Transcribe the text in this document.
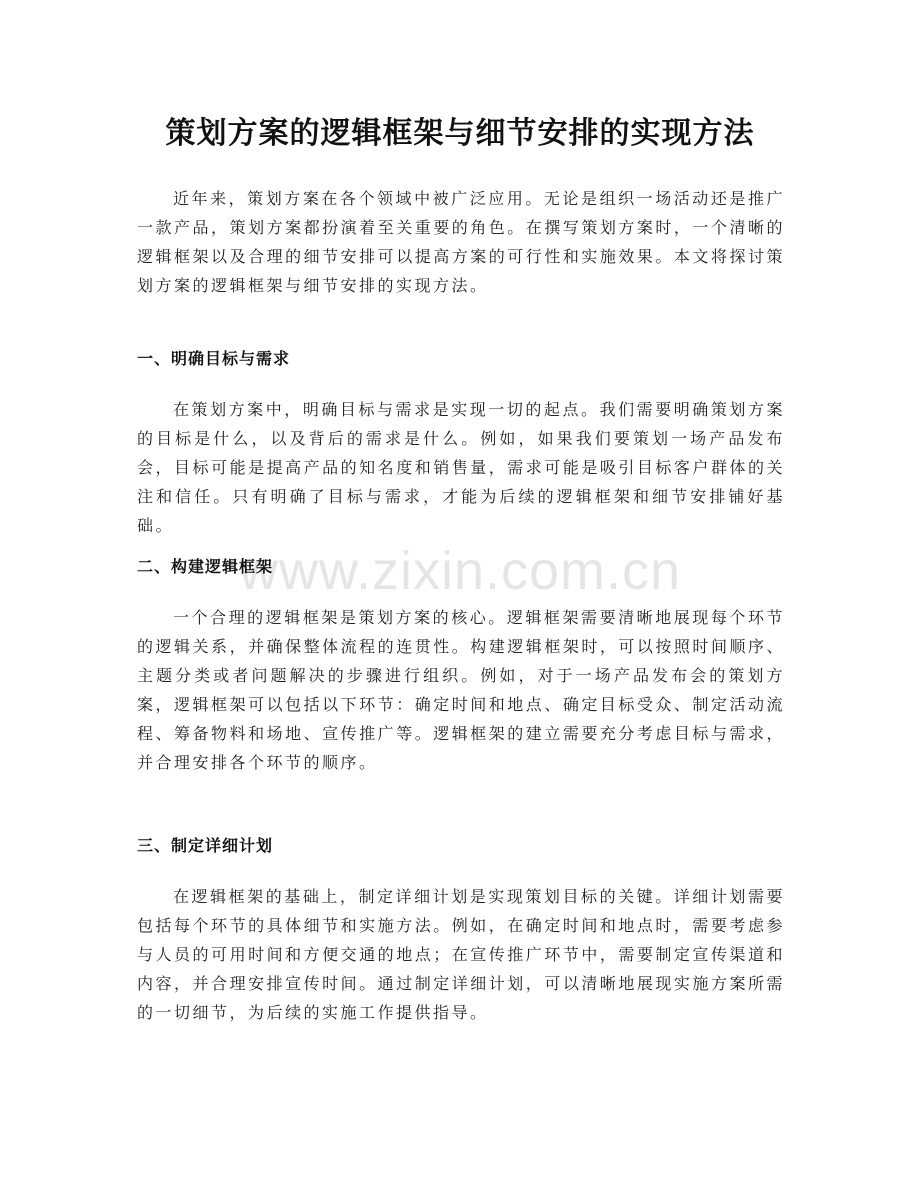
策划方案的逻辑框架与细节安排的实现方法

近年来，策划方案在各个领域中被广泛应用。无论是组织一场活动还是推广一款产品，策划方案都扮演着至关重要的角色。在撰写策划方案时，一个清晰的逻辑框架以及合理的细节安排可以提高方案的可行性和实施效果。本文将探讨策划方案的逻辑框架与细节安排的实现方法。

一、明确目标与需求

在策划方案中，明确目标与需求是实现一切的起点。我们需要明确策划方案的目标是什么，以及背后的需求是什么。例如，如果我们要策划一场产品发布会，目标可能是提高产品的知名度和销售量，需求可能是吸引目标客户群体的关注和信任。只有明确了目标与需求，才能为后续的逻辑框架和细节安排铺好基础。

二、构建逻辑框架

一个合理的逻辑框架是策划方案的核心。逻辑框架需要清晰地展现每个环节的逻辑关系，并确保整体流程的连贯性。构建逻辑框架时，可以按照时间顺序、主题分类或者问题解决的步骤进行组织。例如，对于一场产品发布会的策划方案，逻辑框架可以包括以下环节：确定时间和地点、确定目标受众、制定活动流程、筹备物料和场地、宣传推广等。逻辑框架的建立需要充分考虑目标与需求，并合理安排各个环节的顺序。

三、制定详细计划

在逻辑框架的基础上，制定详细计划是实现策划目标的关键。详细计划需要包括每个环节的具体细节和实施方法。例如，在确定时间和地点时，需要考虑参与人员的可用时间和方便交通的地点；在宣传推广环节中，需要制定宣传渠道和内容，并合理安排宣传时间。通过制定详细计划，可以清晰地展现实施方案所需的一切细节，为后续的实施工作提供指导。

www.zixin.com.cn
